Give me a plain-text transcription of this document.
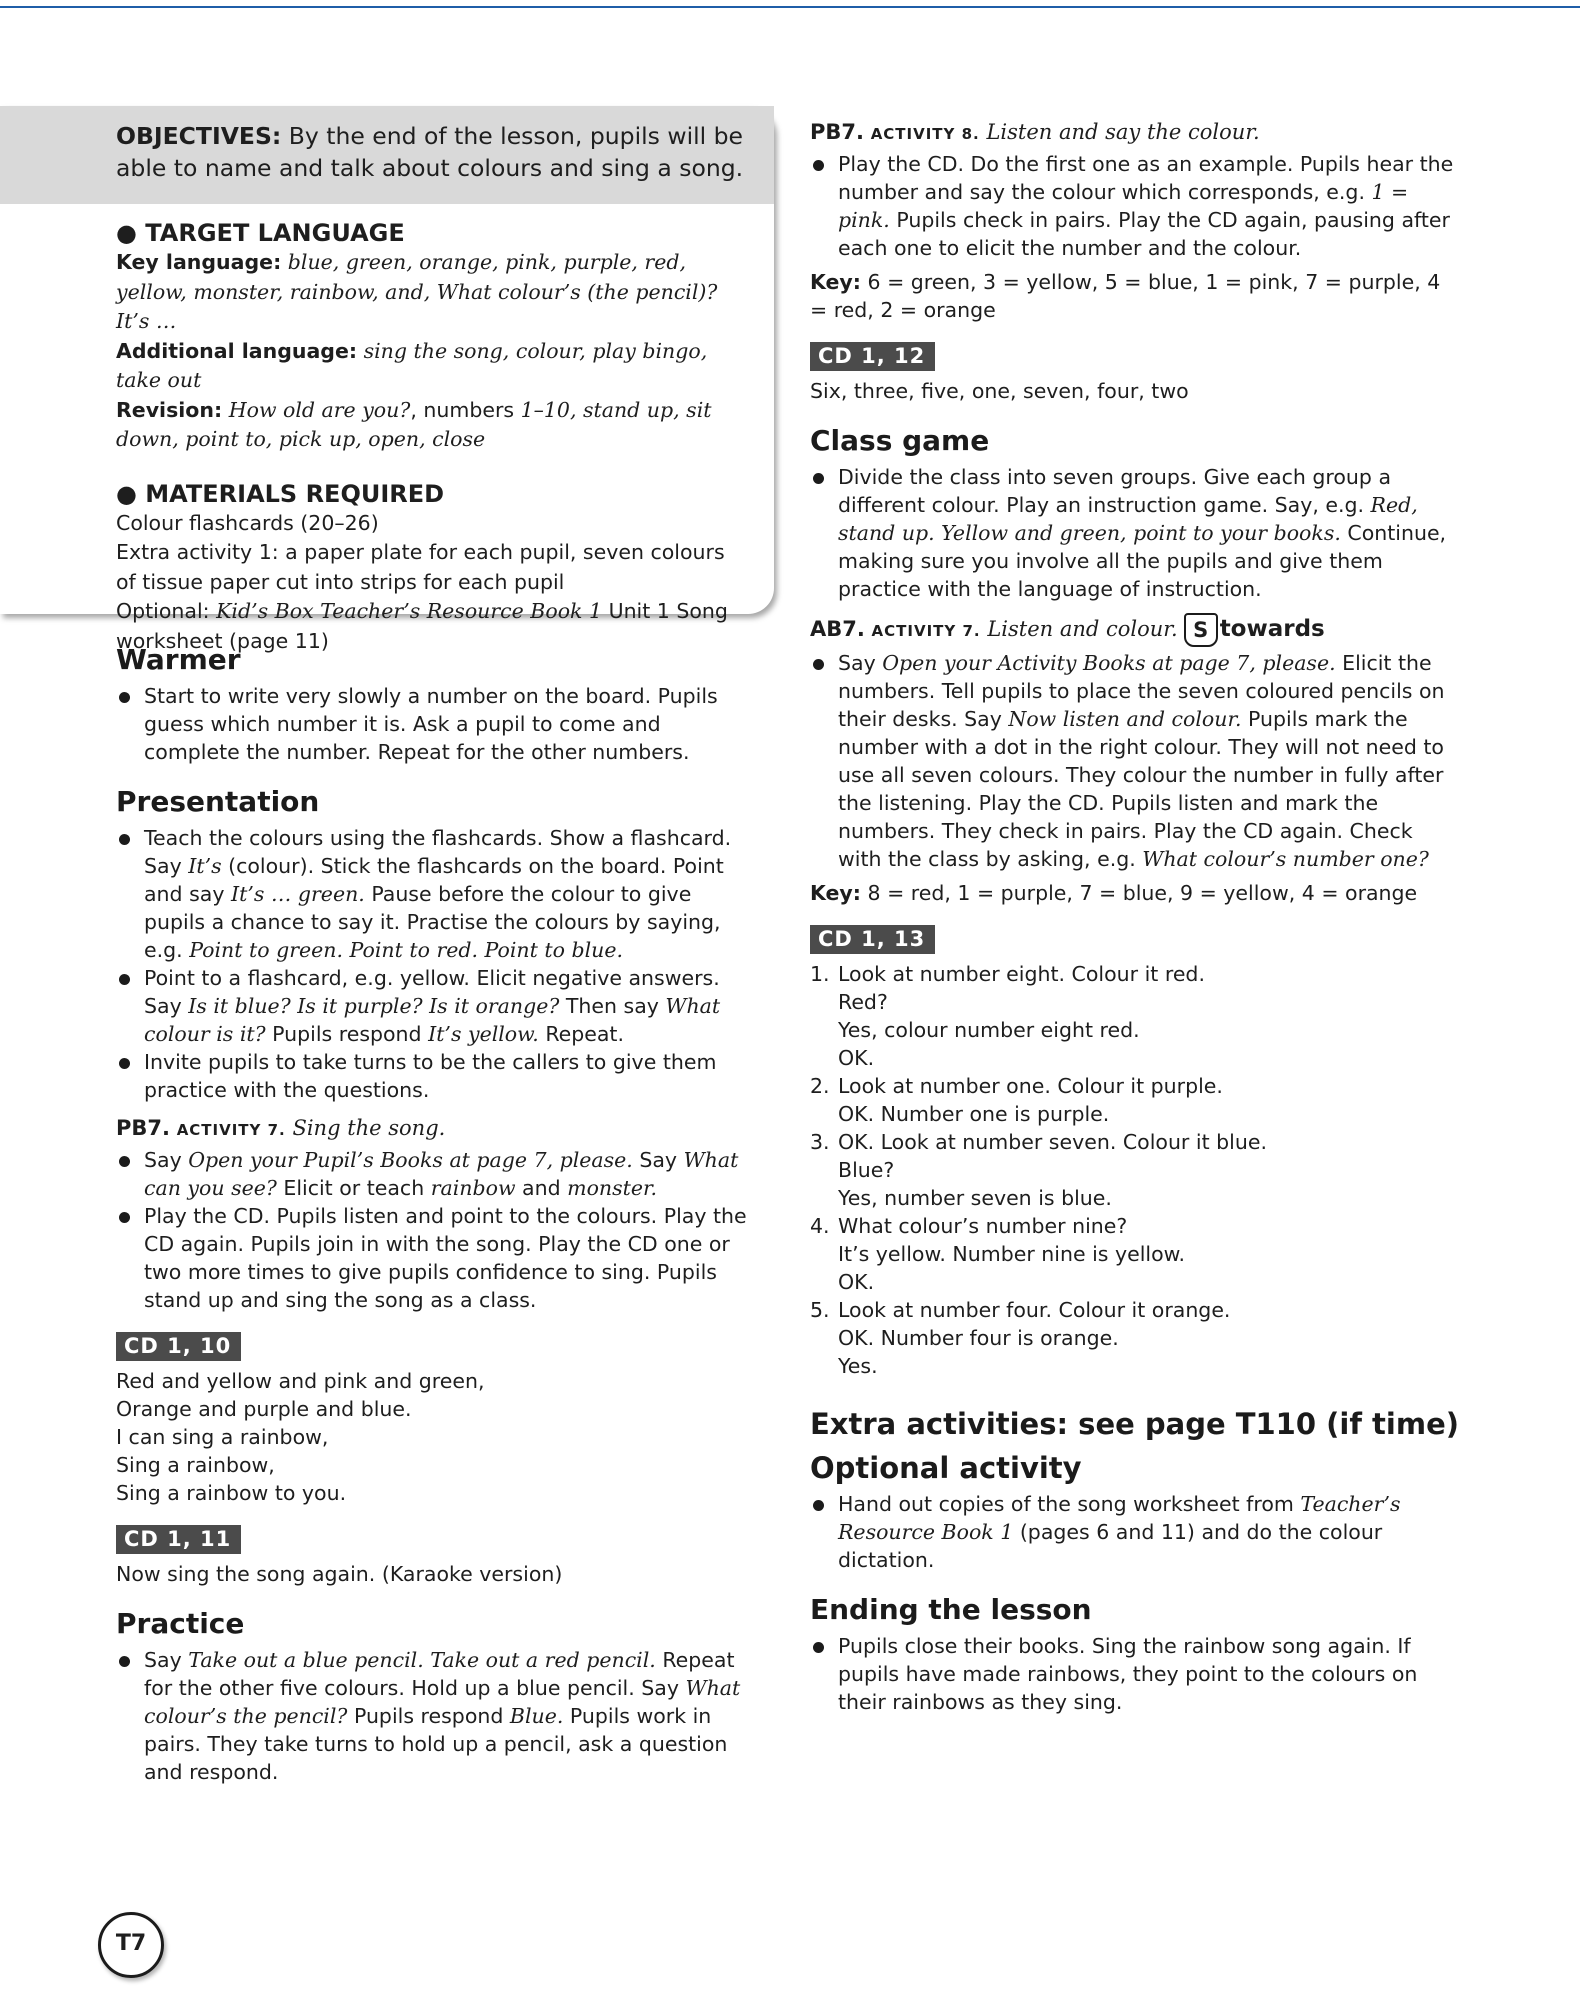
OBJECTIVES: By the end of the lesson, pupils will be able to name and talk about colours and sing a song.
● TARGET LANGUAGE

Key language: blue, green, orange, pink, purple, red, yellow, monster, rainbow, and, What colour’s (the pencil)? It’s …

Additional language: sing the song, colour, play bingo, take out

Revision: How old are you?, numbers 1–10, stand up, sit down, point to, pick up, open, close

● MATERIALS REQUIRED

Colour flashcards (20–26)

Extra activity 1: a paper plate for each pupil, seven colours of tissue paper cut into strips for each pupil

Optional: Kid’s Box Teacher’s Resource Book 1 Unit 1 Song worksheet (page 11)

Warmer
Start to write very slowly a number on the board. Pupils guess which number it is. Ask a pupil to come and complete the number. Repeat for the other numbers.
Presentation
Teach the colours using the flashcards. Show a flashcard. Say It’s (colour). Stick the flashcards on the board. Point and say It’s … green. Pause before the colour to give pupils a chance to say it. Practise the colours by saying, e.g. Point to green. Point to red. Point to blue.
Point to a flashcard, e.g. yellow. Elicit negative answers. Say Is it blue? Is it purple? Is it orange? Then say What colour is it? Pupils respond It’s yellow. Repeat.
Invite pupils to take turns to be the callers to give them practice with the questions.
PB7. ACTIVITY 7. Sing the song.
Say Open your Pupil’s Books at page 7, please. Say What can you see? Elicit or teach rainbow and monster.
Play the CD. Pupils listen and point to the colours. Play the CD again. Pupils join in with the song. Play the CD one or two more times to give pupils confidence to sing. Pupils stand up and sing the song as a class.
CD 1, 10

Red and yellow and pink and green,

Orange and purple and blue.

I can sing a rainbow,

Sing a rainbow,

Sing a rainbow to you.

CD 1, 11
Now sing the song again. (Karaoke version)
Practice
Say Take out a blue pencil. Take out a red pencil. Repeat for the other five colours. Hold up a blue pencil. Say What colour’s the pencil? Pupils respond Blue. Pupils work in pairs. They take turns to hold up a pencil, ask a question and respond.
PB7. ACTIVITY 8. Listen and say the colour.
Play the CD. Do the first one as an example. Pupils hear the number and say the colour which corresponds, e.g. 1 = pink. Pupils check in pairs. Play the CD again, pausing after each one to elicit the number and the colour.
Key: 6 = green, 3 = yellow, 5 = blue, 1 = pink, 7 = purple, 4 = red, 2 = orange
CD 1, 12
Six, three, five, one, seven, four, two
Class game
Divide the class into seven groups. Give each group a different colour. Play an instruction game. Say, e.g. Red, stand up. Yellow and green, point to your books. Continue, making sure you involve all the pupils and give them practice with the language of instruction.
AB7. ACTIVITY 7. Listen and colour. S towards
Say Open your Activity Books at page 7, please. Elicit the numbers. Tell pupils to place the seven coloured pencils on their desks. Say Now listen and colour. Pupils mark the number with a dot in the right colour. They will not need to use all seven colours. They colour the number in fully after the listening. Play the CD. Pupils listen and mark the numbers. They check in pairs. Play the CD again. Check with the class by asking, e.g. What colour’s number one?
Key: 8 = red, 1 = purple, 7 = blue, 9 = yellow, 4 = orange
CD 1, 13
1. Look at number eight. Colour it red.

Red?

Yes, colour number eight red.

OK.

2. Look at number one. Colour it purple.

OK. Number one is purple.

3. OK. Look at number seven. Colour it blue.

Blue?

Yes, number seven is blue.

4. What colour’s number nine?

It’s yellow. Number nine is yellow.

OK.

5. Look at number four. Colour it orange.

OK. Number four is orange.

Yes.

Extra activities: see page T110 (if time)
Optional activity
Hand out copies of the song worksheet from Teacher’s Resource Book 1 (pages 6 and 11) and do the colour dictation.
Ending the lesson
Pupils close their books. Sing the rainbow song again. If pupils have made rainbows, they point to the colours on their rainbows as they sing.
T7
